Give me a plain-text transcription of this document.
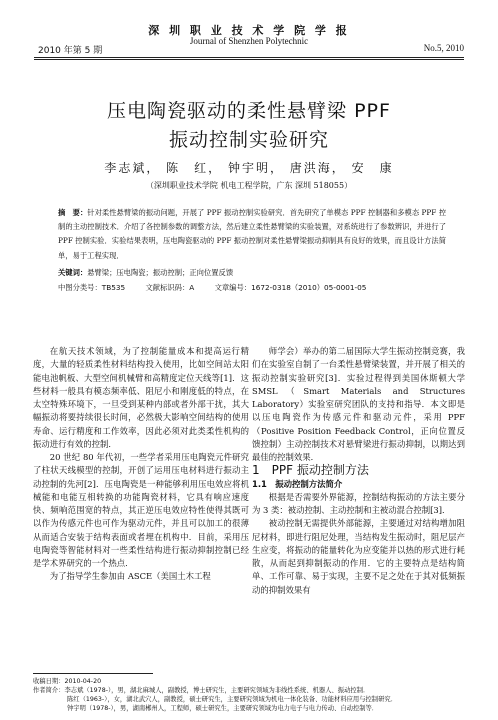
深 圳 职 业 技 术 学 院 学 报
Journal of Shenzhen Polytechnic
2010 年第 5 期	No.5, 2010
压电陶瓷驱动的柔性悬臂梁 PPF
振动控制实验研究
李志斌， 陈　红， 钟宇明， 唐洪海， 安　康
（深圳职业技术学院 机电工程学院，广东 深圳 518055）
摘　要：针对柔性悬臂梁的振动问题，开展了 PPF 振动控制实验研究．首先研究了单模态 PPF 控制器和多模态 PPF 控制的主动控制技术．介绍了各控制参数的调整方法，然后建立柔性悬臂梁的实验装置，对系统进行了参数辨识，并进行了 PPF 控制实验．实验结果表明，压电陶瓷驱动的 PPF 振动控制对柔性悬臂梁振动抑制具有良好的效果，而且设计方法简单，易于工程实现．
关键词：悬臂梁；压电陶瓷；振动控制；正向位置反馈
中图分类号：TB535	文献标识码：A	文章编号：1672-0318（2010）05-0001-05

在航天技术领域，为了控制能量成本和提高运行精度，大量的轻质柔性材料结构投入使用，比如空间站太阳能电池帆板、大型空间机械臂和高精度定位天线等[1]．这些材料一般具有模态频率低、阻尼小和刚度低的特点，在太空特殊环境下，一旦受到某种内部或者外部干扰，其大幅振动将要持续很长时间，必然极大影响空间结构的使用寿命、运行精度和工作效率，因此必须对此类柔性机构的振动进行有效的控制．

20 世纪 80 年代初，一些学者采用压电陶瓷元件研究了柱状天线模型的控制，开创了运用压电材料进行振动主动控制的先河[2]．压电陶瓷是一种能够利用压电效应将机械能和电能互相转换的功能陶瓷材料，它具有响应速度快、频响范围宽的特点，其正逆压电效应特性使得其既可以作为传感元件也可作为驱动元件，并且可以加工的很薄从而适合安装于结构表面或者埋在机构中．目前，采用压电陶瓷等智能材料对一些柔性结构进行振动抑制控制已经是学术界研究的一个热点．

为了指导学生参加由 ASCE（美国土木工程

师学会）举办的第二届国际大学生振动控制竞赛，我们在实验室自制了一台柔性悬臂梁装置，并开展了相关的振动控制实验研究[3]．实验过程得到美国休斯顿大学 SMSL（Smart Materials and Structures Laboratory）实验室研究团队的支持和指导．本文即是以压电陶瓷作为传感元件和驱动元件，采用 PPF（Positive Position Feedback Control，正向位置反馈控制）主动控制技术对悬臂梁进行振动抑制，以期达到最佳的控制效果．

1　PPF 振动控制方法

1.1　振动控制方法简介

根据是否需要外界能源，控制结构振动的方法主要分为 3 类：被动控制、主动控制和主被动混合控制[3]．

被动控制无需提供外部能源，主要通过对结构增加阻尼材料，即进行阻尼处理，当结构发生振动时，阻尼层产生应变，将振动的能量转化为应变能并以热的形式进行耗散，从而起到抑制振动的作用．它的主要特点是结构简单、工作可靠、易于实现，主要不足之处在于其对低频振动的抑制效果有

收稿日期：2010-04-20
作者简介：李志斌（1978-），男，湖北麻城人，副教授，博士研究生，主要研究领域为非线性系统、机器人、振动控制．
陈红（1963-），女，湖北武穴人，副教授，硕士研究生，主要研究领域为机电一体化装备、功能材料应用与控制研究．
钟宇明（1978-），男，湖南郴州人，工程师，硕士研究生，主要研究领域为电力电子与电力传动、自动控制等．
